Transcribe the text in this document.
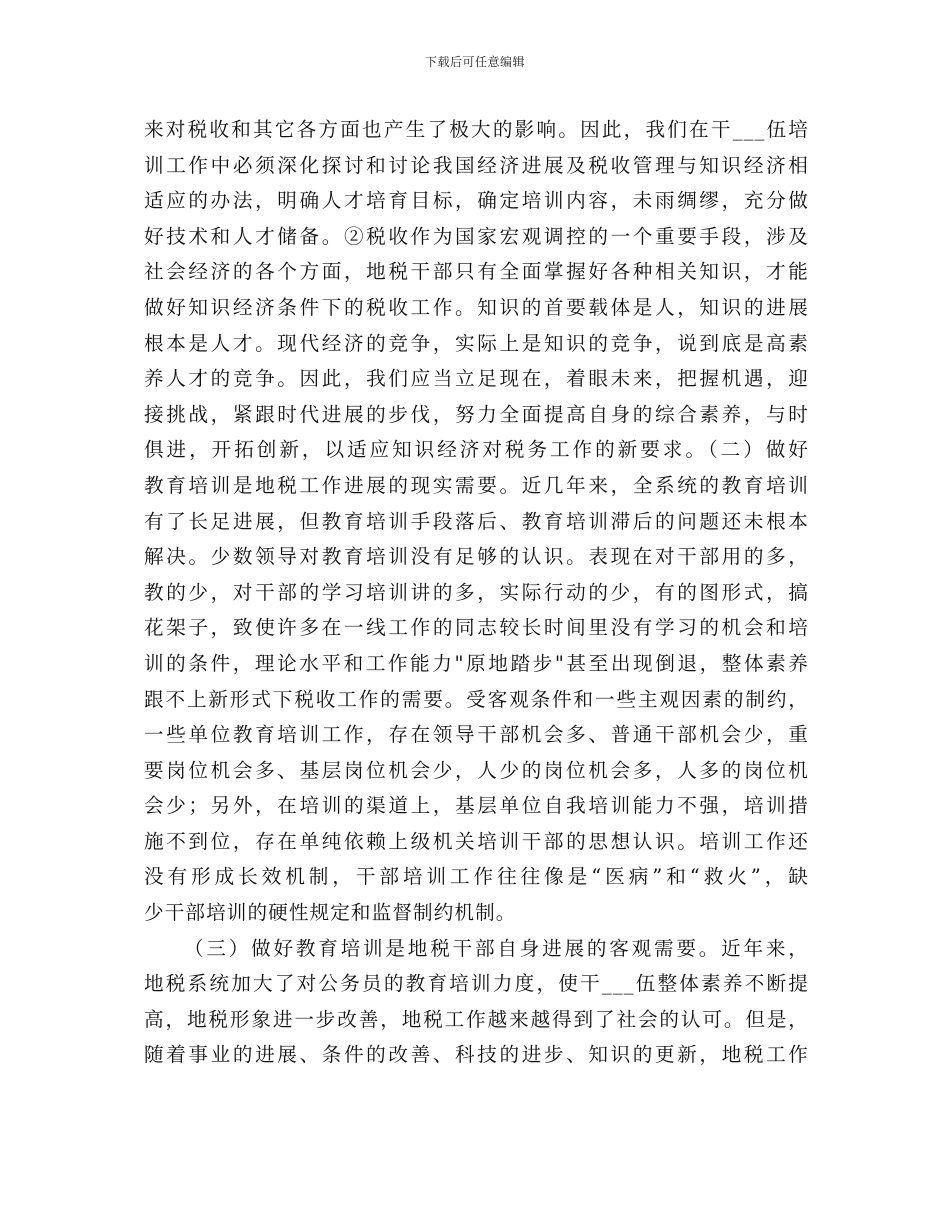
下载后可任意编辑
来对税收和其它各方面也产生了极大的影响。因此，我们在干___伍培
训工作中必须深化探讨和讨论我国经济进展及税收管理与知识经济相
适应的办法，明确人才培育目标，确定培训内容，未雨绸缪，充分做
好技术和人才储备。②税收作为国家宏观调控的一个重要手段，涉及
社会经济的各个方面，地税干部只有全面掌握好各种相关知识，才能
做好知识经济条件下的税收工作。知识的首要载体是人，知识的进展
根本是人才。现代经济的竞争，实际上是知识的竞争，说到底是高素
养人才的竞争。因此，我们应当立足现在，着眼未来，把握机遇，迎
接挑战，紧跟时代进展的步伐，努力全面提高自身的综合素养，与时
俱进，开拓创新，以适应知识经济对税务工作的新要求。（二）做好
教育培训是地税工作进展的现实需要。近几年来，全系统的教育培训
有了长足进展，但教育培训手段落后、教育培训滞后的问题还未根本
解决。少数领导对教育培训没有足够的认识。表现在对干部用的多，
教的少，对干部的学习培训讲的多，实际行动的少，有的图形式，搞
花架子，致使许多在一线工作的同志较长时间里没有学习的机会和培
训的条件，理论水平和工作能力"原地踏步"甚至出现倒退，整体素养
跟不上新形式下税收工作的需要。受客观条件和一些主观因素的制约，
一些单位教育培训工作，存在领导干部机会多、普通干部机会少，重
要岗位机会多、基层岗位机会少，人少的岗位机会多，人多的岗位机
会少；另外，在培训的渠道上，基层单位自我培训能力不强，培训措
施不到位，存在单纯依赖上级机关培训干部的思想认识。培训工作还
没有形成长效机制，干部培训工作往往像是“医病”和“救火”，缺
少干部培训的硬性规定和监督制约机制。
（三）做好教育培训是地税干部自身进展的客观需要。近年来，
地税系统加大了对公务员的教育培训力度，使干___伍整体素养不断提
高，地税形象进一步改善，地税工作越来越得到了社会的认可。但是，
随着事业的进展、条件的改善、科技的进步、知识的更新，地税工作
